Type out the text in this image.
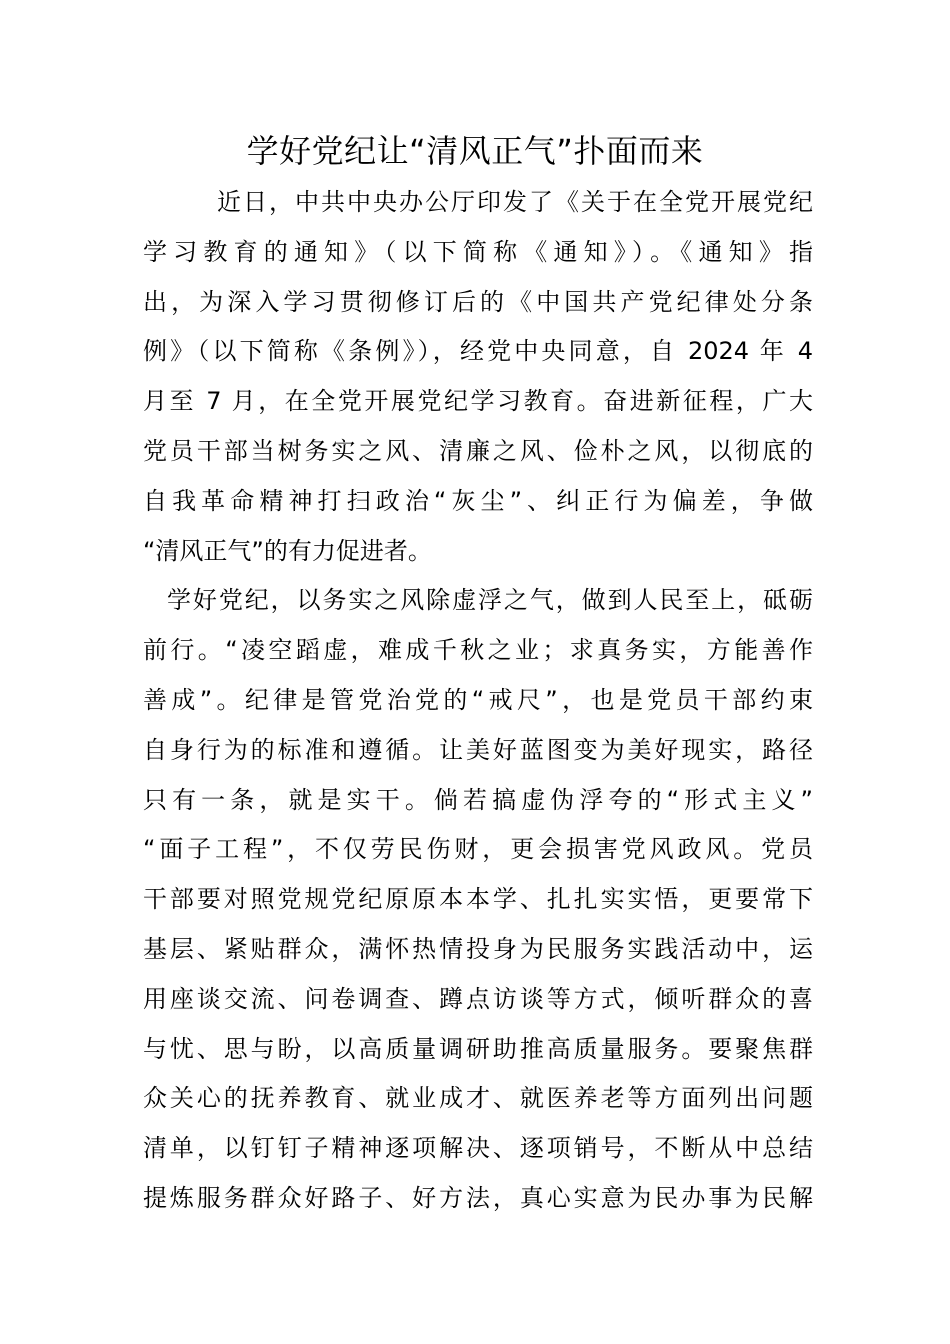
学好党纪让“清风正气”扑面而来
近日，中共中央办公厅印发了《关于在全党开展党纪
学习教育的通知》（以下简称《通知》）。《通知》指
出，为深入学习贯彻修订后的《中国共产党纪律处分条
例》（以下简称《条例》），经党中央同意，自 2024 年 4
月至 7 月，在全党开展党纪学习教育。奋进新征程，广大
党员干部当树务实之风、清廉之风、俭朴之风，以彻底的
自我革命精神打扫政治“灰尘”、纠正行为偏差，争做
“清风正气”的有力促进者。
学好党纪，以务实之风除虚浮之气，做到人民至上，砥砺
前行。“凌空蹈虚，难成千秋之业；求真务实，方能善作
善成”。纪律是管党治党的“戒尺”，也是党员干部约束
自身行为的标准和遵循。让美好蓝图变为美好现实，路径
只有一条，就是实干。倘若搞虚伪浮夸的“形式主义”
“面子工程”，不仅劳民伤财，更会损害党风政风。党员
干部要对照党规党纪原原本本学、扎扎实实悟，更要常下
基层、紧贴群众，满怀热情投身为民服务实践活动中，运
用座谈交流、问卷调查、蹲点访谈等方式，倾听群众的喜
与忧、思与盼，以高质量调研助推高质量服务。要聚焦群
众关心的抚养教育、就业成才、就医养老等方面列出问题
清单，以钉钉子精神逐项解决、逐项销号，不断从中总结
提炼服务群众好路子、好方法，真心实意为民办事为民解
